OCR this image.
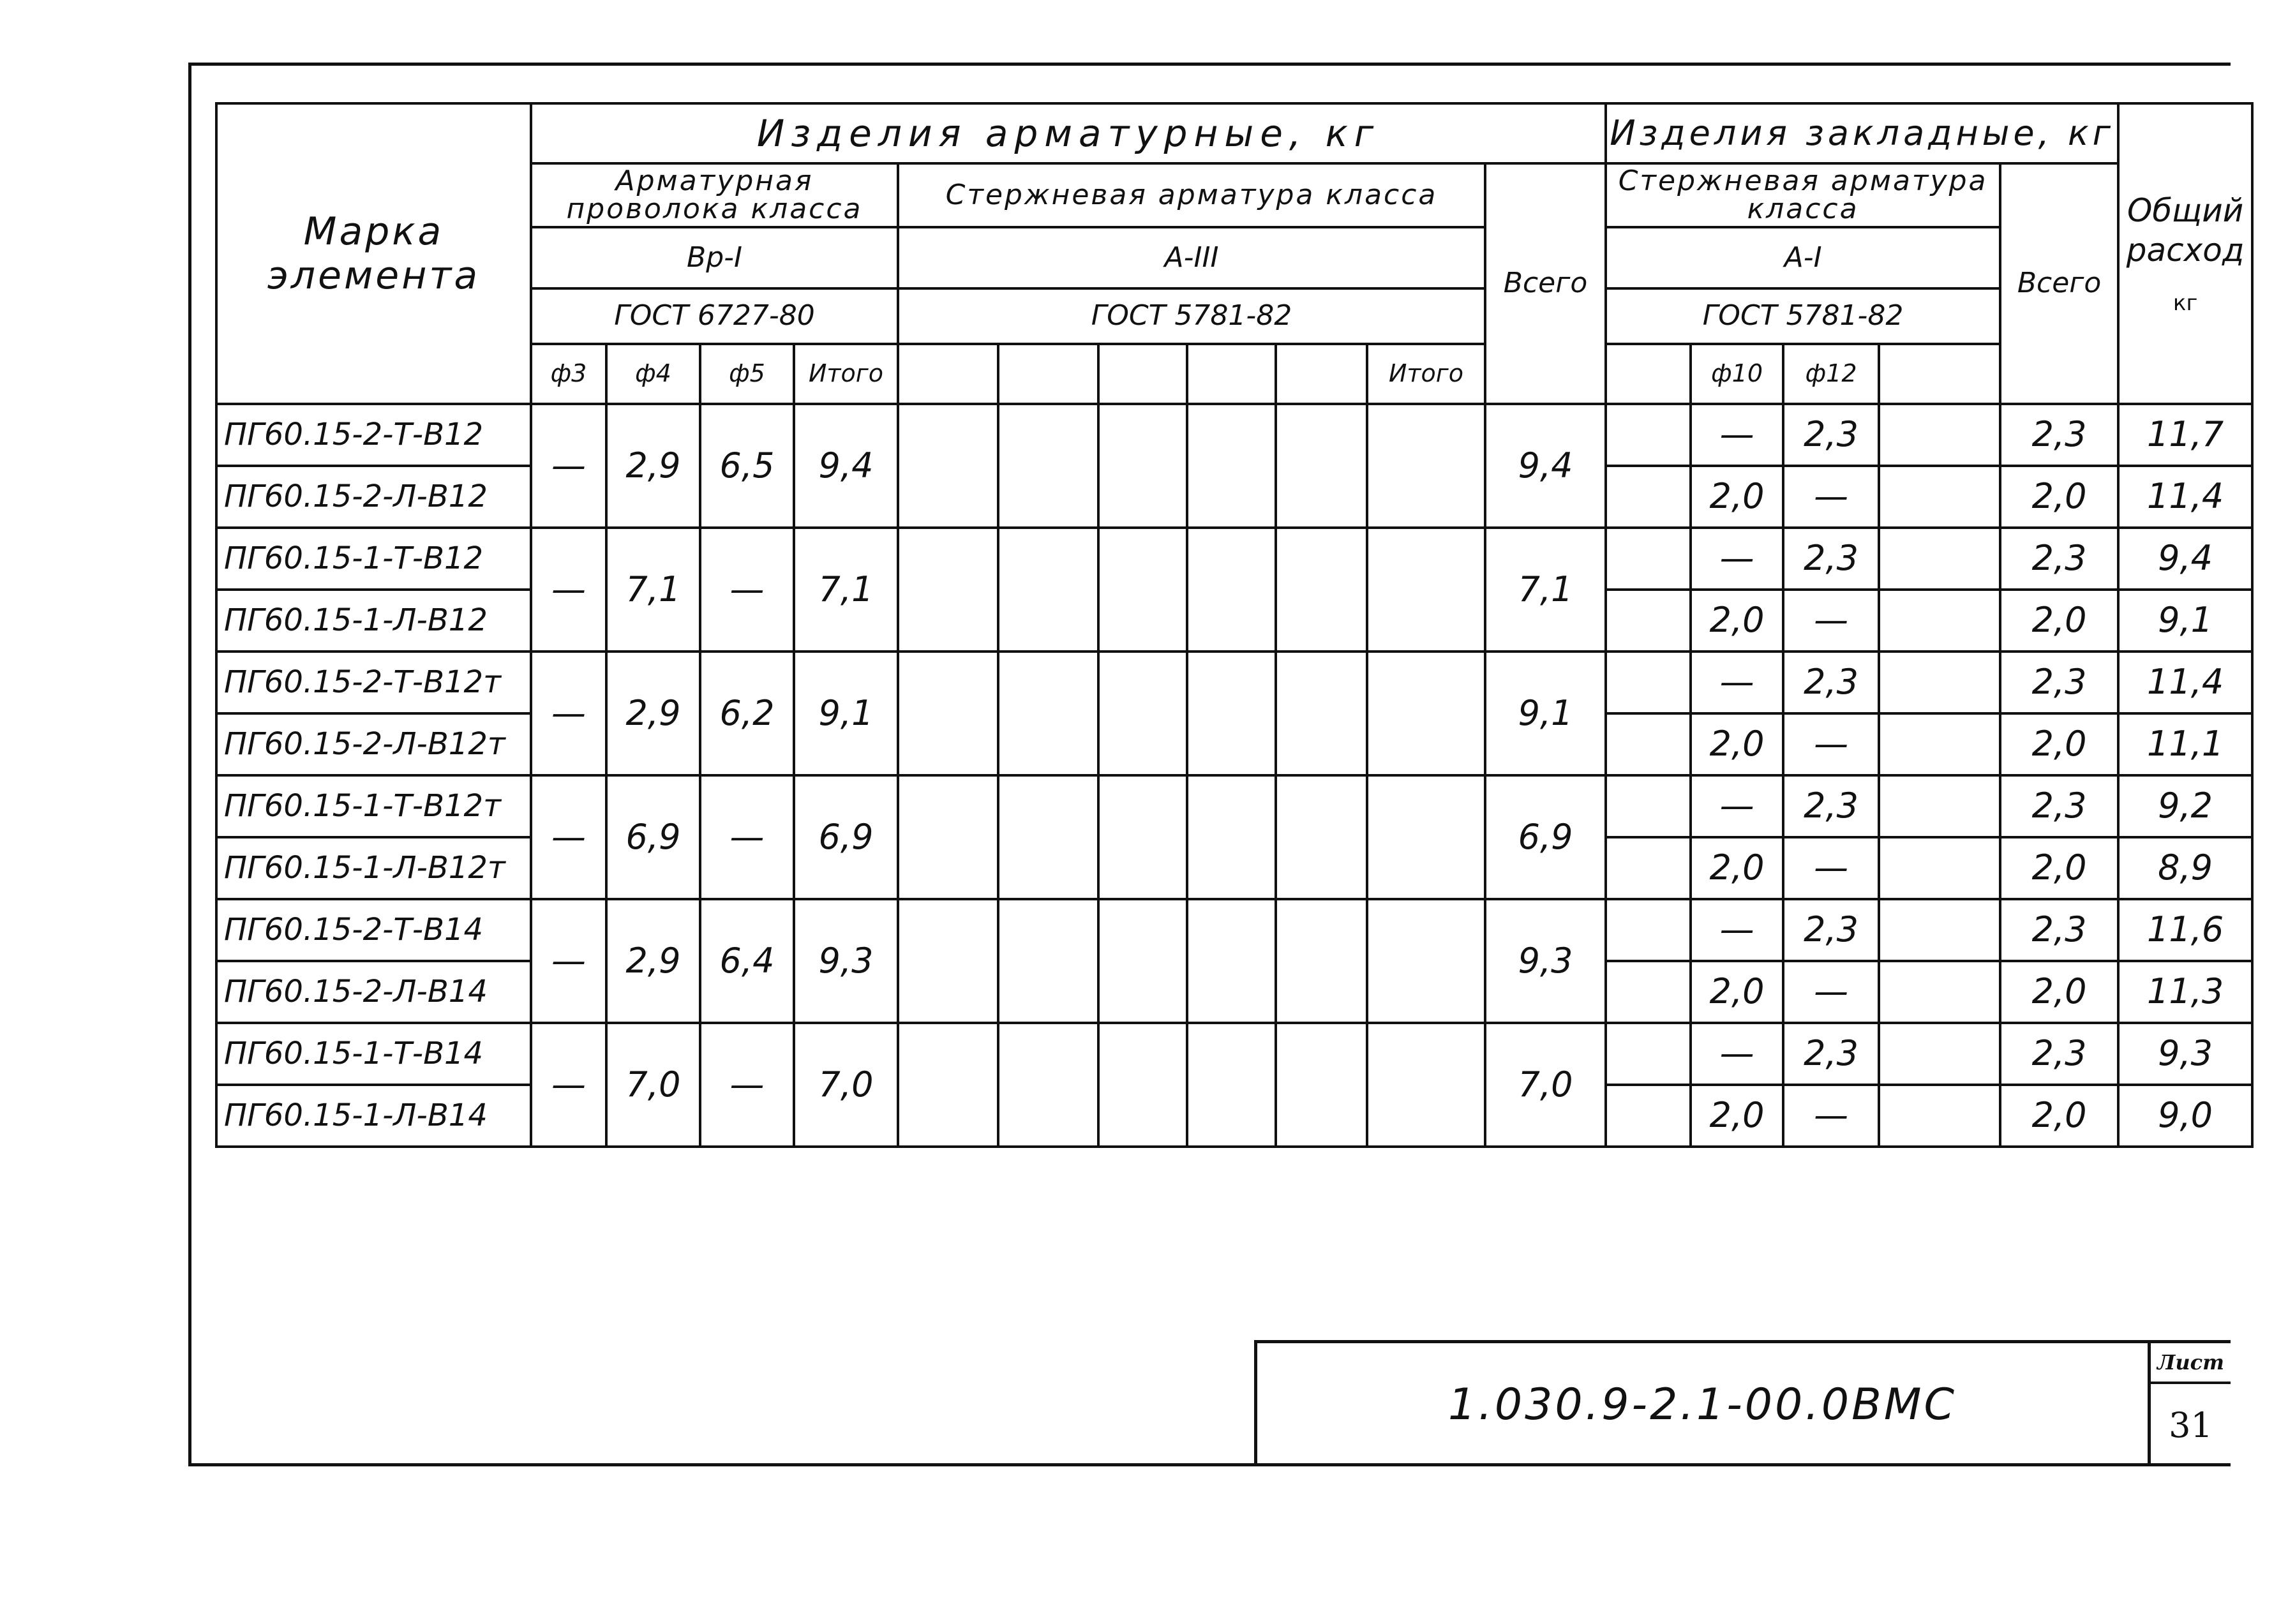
Марка элемента	Изделия арматурные, кг											Изделия закладные, кг					Общий расход
кг

	Арматурная проволока класса				Стержневая арматура класса						Всего	Стержневая арматура класса				Всего	
	Вр-I				А-III							А-I					
	ГОСТ 6727-80				ГОСТ 5781-82							ГОСТ 5781-82					
	ф3	ф4	ф5	Итого						Итого			ф10	ф12			
ПГ60.15-2-Т-В12	—	2,9	6,5	9,4							9,4		—	2,3		2,3	11,7
ПГ60.15-2-Л-В12													2,0	—		2,0	11,4
ПГ60.15-1-Т-В12	—	7,1	—	7,1							7,1		—	2,3		2,3	9,4
ПГ60.15-1-Л-В12													2,0	—		2,0	9,1
ПГ60.15-2-Т-В12т	—	2,9	6,2	9,1							9,1		—	2,3		2,3	11,4
ПГ60.15-2-Л-В12т													2,0	—		2,0	11,1
ПГ60.15-1-Т-В12т	—	6,9	—	6,9							6,9		—	2,3		2,3	9,2
ПГ60.15-1-Л-В12т													2,0	—		2,0	8,9
ПГ60.15-2-Т-В14	—	2,9	6,4	9,3							9,3		—	2,3		2,3	11,6
ПГ60.15-2-Л-В14													2,0	—		2,0	11,3
ПГ60.15-1-Т-В14	—	7,0	—	7,0							7,0		—	2,3		2,3	9,3
ПГ60.15-1-Л-В14													2,0	—		2,0	9,0
1.030.9-2.1-00.0ВМС
Лист
31
